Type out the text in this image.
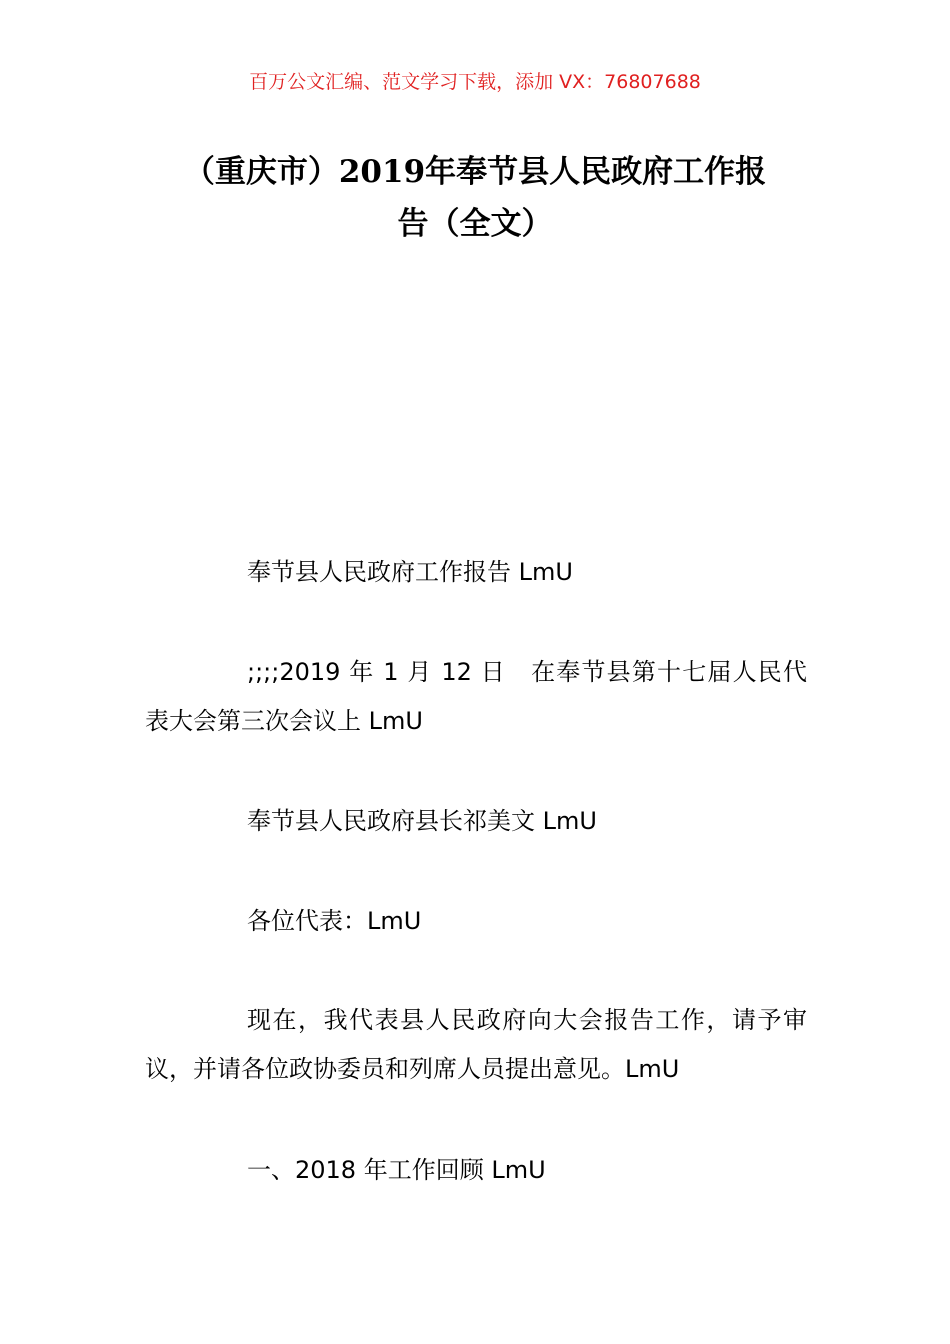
百万公文汇编、范文学习下载，添加 VX：76807688
（重庆市）2019年奉节县人民政府工作报
告（全文）
奉节县人民政府工作报告 LmU
;;;;2019 年 1 月 12 日　在奉节县第十七届人民代表大会第三次会议上 LmU
奉节县人民政府县长祁美文 LmU
各位代表：LmU
现在，我代表县人民政府向大会报告工作，请予审议，并请各位政协委员和列席人员提出意见。LmU
一、2018 年工作回顾 LmU
